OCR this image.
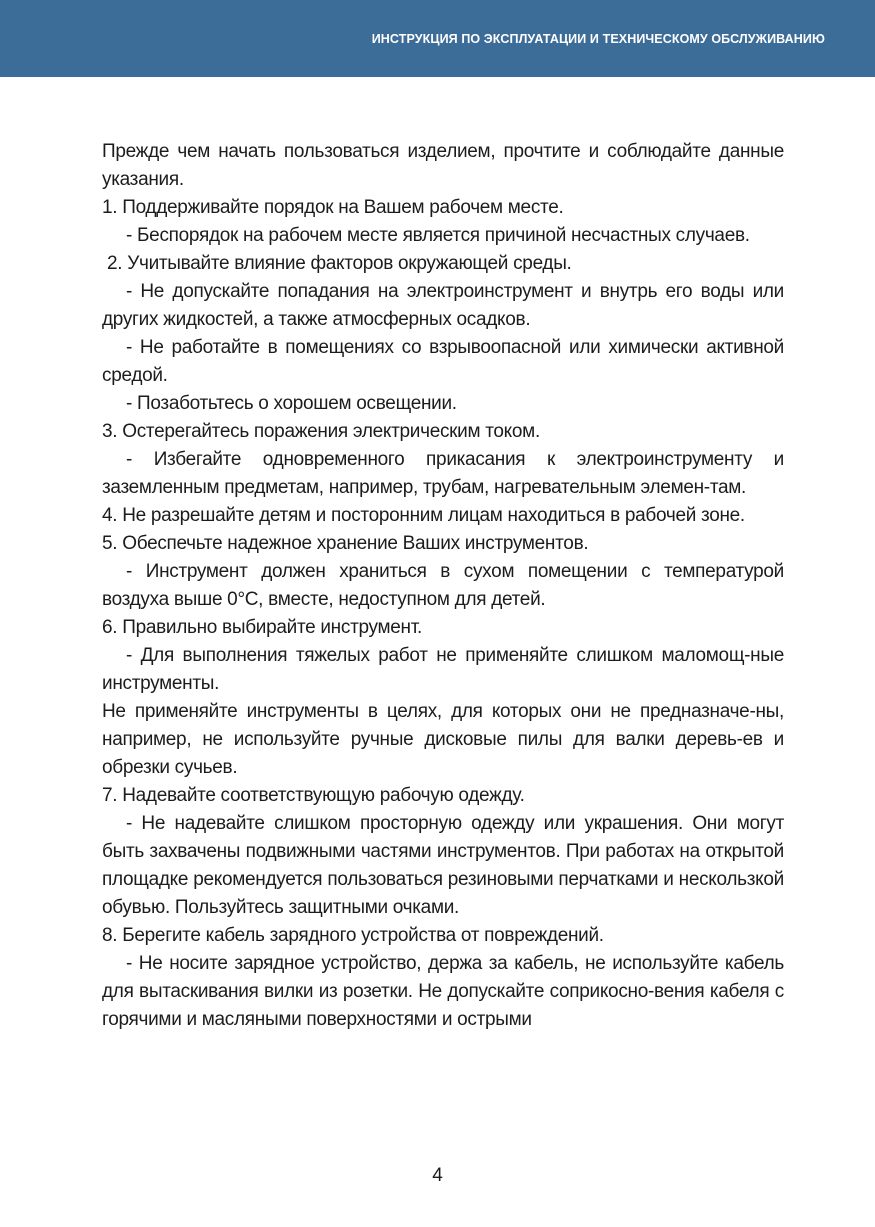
ИНСТРУКЦИЯ ПО ЭКСПЛУАТАЦИИ И ТЕХНИЧЕСКОМУ ОБСЛУЖИВАНИЮ

Прежде чем начать пользоваться изделием, прочтите и соблюдайте данные указания.

1. Поддерживайте порядок на Вашем рабочем месте.

- Беспорядок на рабочем месте является причиной несчастных случаев.

2. Учитывайте влияние факторов окружающей среды.

- Не допускайте попадания на электроинструмент и внутрь его воды или других жидкостей, а также атмосферных осадков.

- Не работайте в помещениях со взрывоопасной или химически активной средой.

- Позаботьтесь о хорошем освещении.

3. Остерегайтесь поражения электрическим током.

- Избегайте одновременного прикасания к электроинструменту и заземленным предметам, например, трубам, нагревательным элемен-там.

4. Не разрешайте детям и посторонним лицам находиться в рабочей зоне.

5. Обеспечьте надежное хранение Ваших инструментов.

- Инструмент должен храниться в сухом помещении с температурой воздуха выше 0°С, вместе, недоступном для детей.

6. Правильно выбирайте инструмент.

- Для выполнения тяжелых работ не применяйте слишком маломощ-ные инструменты.

Не применяйте инструменты в целях, для которых они не предназначе-ны, например, не используйте ручные дисковые пилы для валки деревь-ев и обрезки сучьев.

7. Надевайте соответствующую рабочую одежду.

- Не надевайте слишком просторную одежду или украшения. Они могут быть захвачены подвижными частями инструментов. При работах на открытой площадке рекомендуется пользоваться резиновыми перчатками и нескользкой обувью. Пользуйтесь защитными очками.

8. Берегите кабель зарядного устройства от повреждений.

- Не носите зарядное устройство, держа за кабель, не используйте кабель для вытаскивания вилки из розетки. Не допускайте соприкосно-вения кабеля с горячими и масляными поверхностями и острыми

4
